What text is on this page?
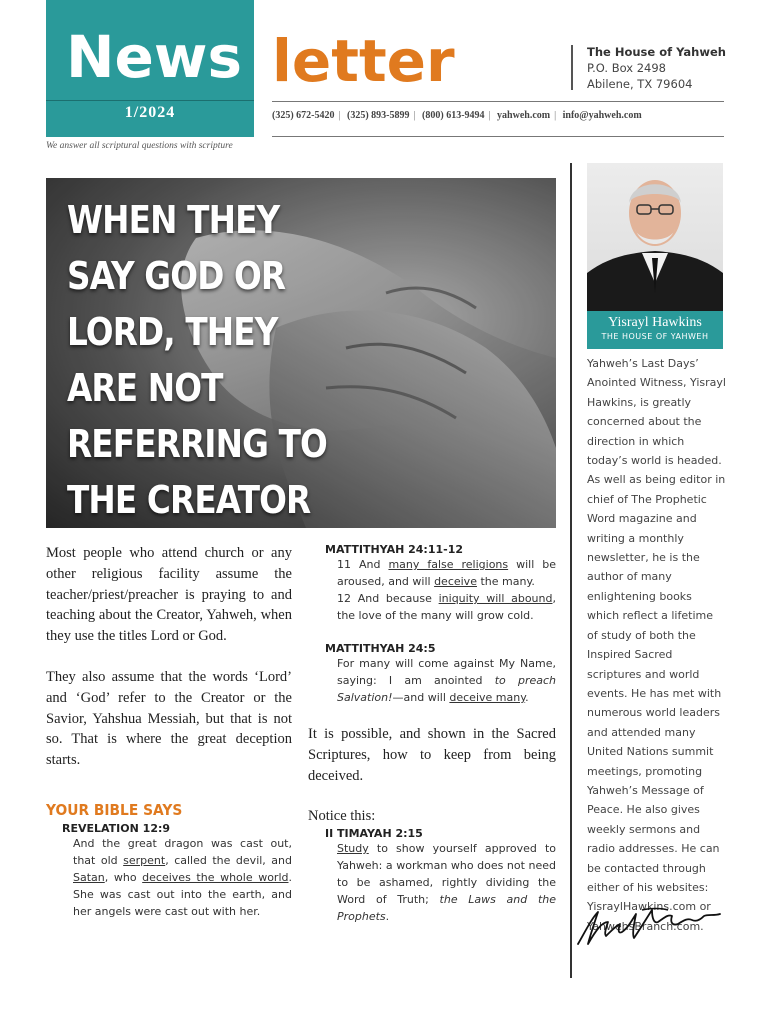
News
1/2024
letter
We answer all scriptural questions with scripture
The House of Yahweh
P.O. Box 2498
Abilene, TX 79604
(325) 672-5420 | (325) 893-5899 | (800) 613-9494 | yahweh.com | info@yahweh.com
WHEN THEY SAY GOD OR LORD, THEY ARE NOT REFERRING TO THE CREATOR

Most people who attend church or any other religious facility assume the teacher/priest/preacher is praying to and teaching about the Creator, Yahweh, when they use the titles Lord or God.

They also assume that the words ‘Lord’ and ‘God’ refer to the Creator or the Savior, Yahshua Messiah, but that is not so. That is where the great deception starts.

YOUR BIBLE SAYS
REVELATION 12:9

And the great dragon was cast out, that old serpent, called the devil, and Satan, who deceives the whole world. She was cast out into the earth, and her angels were cast out with her.

MATTITHYAH 24:11-12

11 And many false religions will be aroused, and will deceive the many.

12 And because iniquity will abound, the love of the many will grow cold.

MATTITHYAH 24:5

For many will come against My Name, saying: I am anointed to preach Salvation!—and will deceive many.

It is possible, and shown in the Sacred Scriptures, how to keep from being deceived.

Notice this:

II TIMAYAH 2:15

Study to show yourself approved to Yahweh: a workman who does not need to be ashamed, rightly dividing the Word of Truth; the Laws and the Prophets.

Yisrayl Hawkins
THE HOUSE OF YAHWEH
Yahweh’s Last Days’ Anointed Witness, Yisrayl Hawkins, is greatly concerned about the direction in which today’s world is headed. As well as being editor in chief of The Prophetic Word magazine and writing a monthly newsletter, he is the author of many enlightening books which reflect a lifetime of study of both the Inspired Sacred scriptures and world events. He has met with numerous world leaders and attended many United Nations summit meetings, promoting Yahweh’s Message of Peace. He also gives weekly sermons and radio addresses. He can be contacted through either of his websites: YisraylHawkins.com or YahwehsBranch.com.
